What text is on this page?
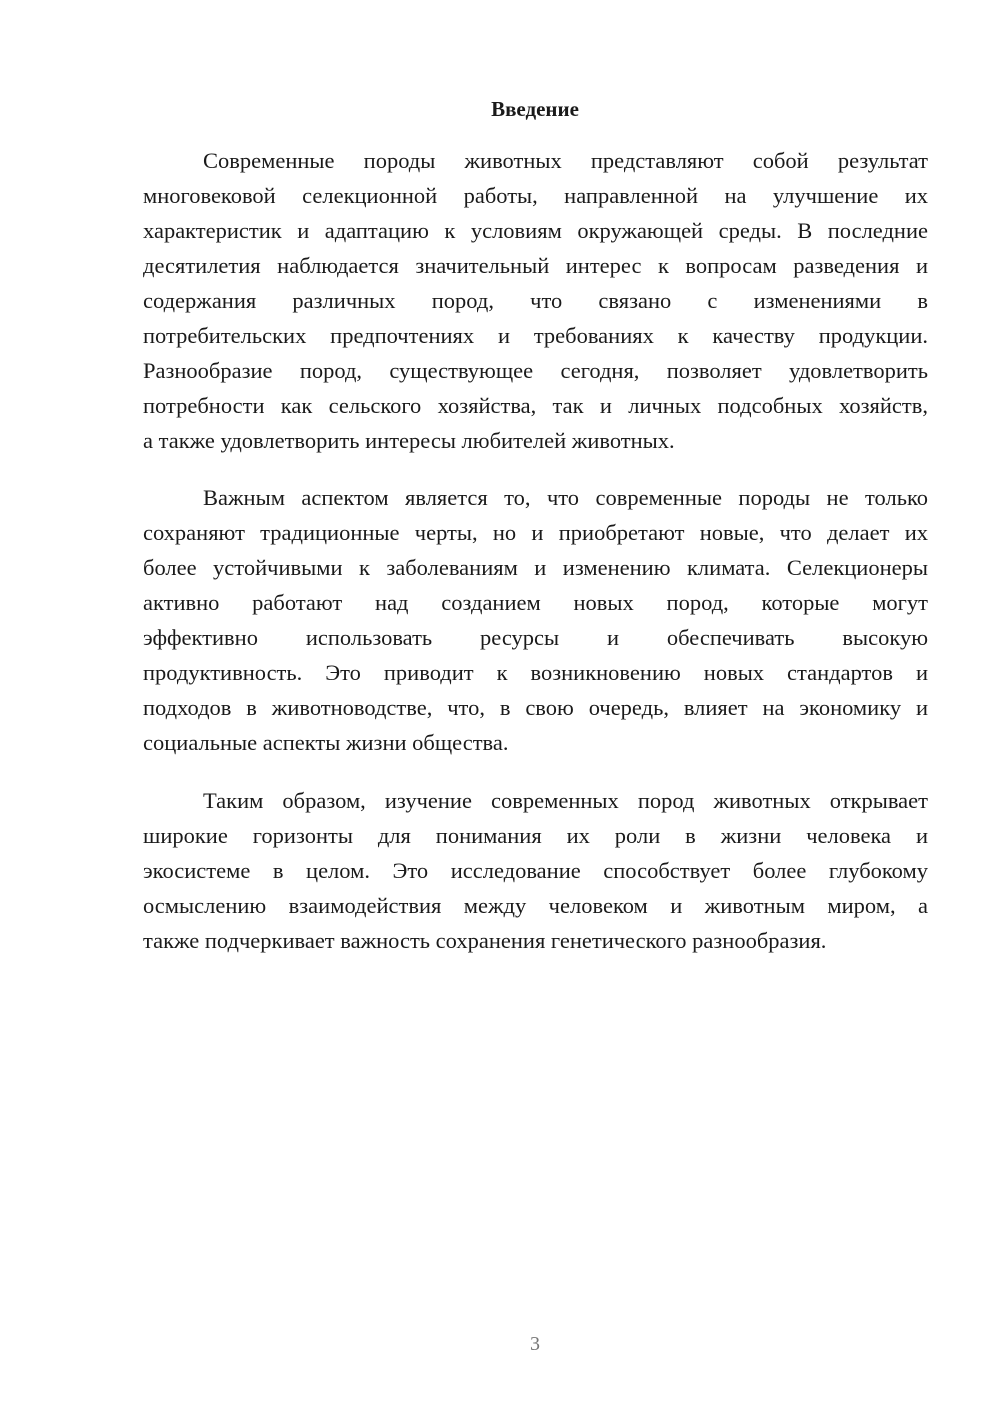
Введение
Современные породы животных представляют собой результат
многовековой селекционной работы, направленной на улучшение их
характеристик и адаптацию к условиям окружающей среды. В последние
десятилетия наблюдается значительный интерес к вопросам разведения и
содержания различных пород, что связано с изменениями в
потребительских предпочтениях и требованиях к качеству продукции.
Разнообразие пород, существующее сегодня, позволяет удовлетворить
потребности как сельского хозяйства, так и личных подсобных хозяйств,
а также удовлетворить интересы любителей животных.
Важным аспектом является то, что современные породы не только
сохраняют традиционные черты, но и приобретают новые, что делает их
более устойчивыми к заболеваниям и изменению климата. Селекционеры
активно работают над созданием новых пород, которые могут
эффективно использовать ресурсы и обеспечивать высокую
продуктивность. Это приводит к возникновению новых стандартов и
подходов в животноводстве, что, в свою очередь, влияет на экономику и
социальные аспекты жизни общества.
Таким образом, изучение современных пород животных открывает
широкие горизонты для понимания их роли в жизни человека и
экосистеме в целом. Это исследование способствует более глубокому
осмыслению взаимодействия между человеком и животным миром, а
также подчеркивает важность сохранения генетического разнообразия.
3
